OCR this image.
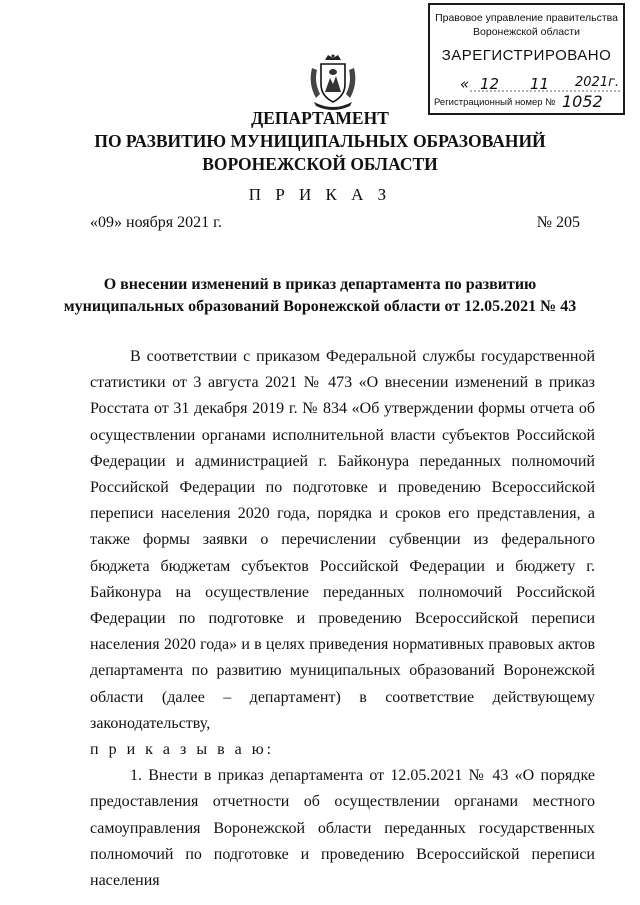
Правовое управление правительства
Воронежской области
ЗАРЕГИСТРИРОВАНО
« 12 11 2021г.
Регистрационный номер № 1052
ДЕПАРТАМЕНТ
ПО РАЗВИТИЮ МУНИЦИПАЛЬНЫХ ОБРАЗОВАНИЙ
ВОРОНЕЖСКОЙ ОБЛАСТИ
П Р И К А З
«09» ноября 2021 г.	№ 205
О внесении изменений в приказ департамента по развитию
муниципальных образований Воронежской области от 12.05.2021 № 43

В соответствии с приказом Федеральной службы государственной статистики от 3 августа 2021 № 473 «О внесении изменений в приказ Росстата от 31 декабря 2019 г. № 834 «Об утверждении формы отчета об осуществлении органами исполнительной власти субъектов Российской Федерации и администрацией г. Байконура переданных полномочий Российской Федерации по подготовке и проведению Всероссийской переписи населения 2020 года, порядка и сроков его представления, а также формы заявки о перечислении субвенции из федерального бюджета бюджетам субъектов Российской Федерации и бюджету г. Байконура на осуществление переданных полномочий Российской Федерации по подготовке и проведению Всероссийской переписи населения 2020 года» и в целях приведения нормативных правовых актов департамента по развитию муниципальных образований Воронежской области (далее – департамент) в соответствие действующему законодательству,

п р и к а з ы в а ю:

1. Внести в приказ департамента от 12.05.2021 № 43 «О порядке предоставления отчетности об осуществлении органами местного самоуправления Воронежской области переданных государственных полномочий по подготовке и проведению Всероссийской переписи населения
